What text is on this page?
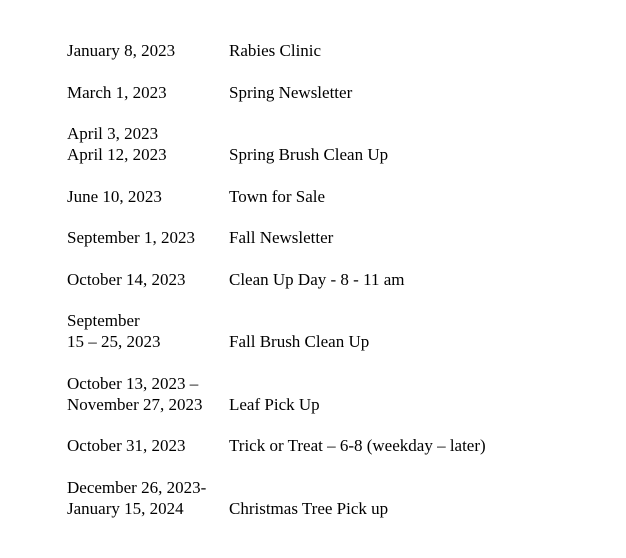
January 8, 2023	Rabies Clinic
March 1, 2023	Spring Newsletter
April 3, 2023
April 12, 2023	Spring Brush Clean Up
June 10, 2023	Town for Sale
September 1, 2023	Fall Newsletter
October 14, 2023	Clean Up Day - 8 - 11 am
September
15 – 25, 2023	Fall Brush Clean Up
October 13, 2023 –
November 27, 2023	Leaf Pick Up
October 31, 2023	Trick or Treat – 6-8 (weekday – later)
December 26, 2023-
January 15, 2024	Christmas Tree Pick up
